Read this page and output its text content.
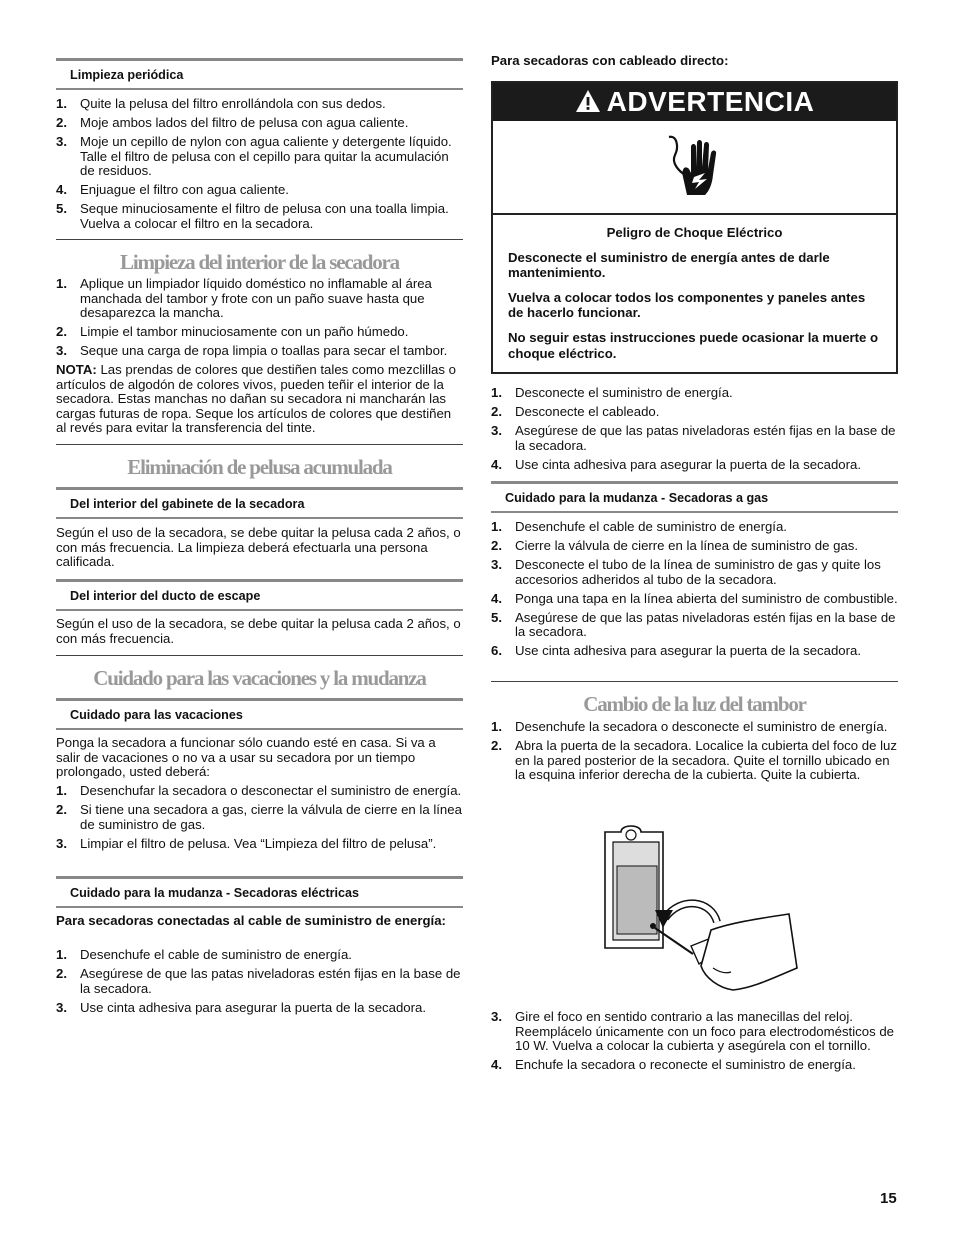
Limpieza periódica
1. Quite la pelusa del filtro enrollándola con sus dedos.
2. Moje ambos lados del filtro de pelusa con agua caliente.
3. Moje un cepillo de nylon con agua caliente y detergente líquido. Talle el filtro de pelusa con el cepillo para quitar la acumulación de residuos.
4. Enjuague el filtro con agua caliente.
5. Seque minuciosamente el filtro de pelusa con una toalla limpia. Vuelva a colocar el filtro en la secadora.
Limpieza del interior de la secadora
1. Aplique un limpiador líquido doméstico no inflamable al área manchada del tambor y frote con un paño suave hasta que desaparezca la mancha.
2. Limpie el tambor minuciosamente con un paño húmedo.
3. Seque una carga de ropa limpia o toallas para secar el tambor.

NOTA: Las prendas de colores que destiñen tales como mezclillas o artículos de algodón de colores vivos, pueden teñir el interior de la secadora. Estas manchas no dañan su secadora ni mancharán las cargas futuras de ropa. Seque los artículos de colores que destiñen al revés para evitar la transferencia del tinte.

Eliminación de pelusa acumulada
Del interior del gabinete de la secadora

Según el uso de la secadora, se debe quitar la pelusa cada 2 años, o con más frecuencia. La limpieza deberá efectuarla una persona calificada.

Del interior del ducto de escape

Según el uso de la secadora, se debe quitar la pelusa cada 2 años, o con más frecuencia.

Cuidado para las vacaciones y la mudanza
Cuidado para las vacaciones

Ponga la secadora a funcionar sólo cuando esté en casa. Si va a salir de vacaciones o no va a usar su secadora por un tiempo prolongado, usted deberá:

1. Desenchufar la secadora o desconectar el suministro de energía.
2. Si tiene una secadora a gas, cierre la válvula de cierre en la línea de suministro de gas.
3. Limpiar el filtro de pelusa. Vea “Limpieza del filtro de pelusa”.
Cuidado para la mudanza - Secadoras eléctricas

Para secadoras conectadas al cable de suministro de energía:

1. Desenchufe el cable de suministro de energía.
2. Asegúrese de que las patas niveladoras estén fijas en la base de la secadora.
3. Use cinta adhesiva para asegurar la puerta de la secadora.

Para secadoras con cableado directo:

ADVERTENCIA

Peligro de Choque Eléctrico

Desconecte el suministro de energía antes de darle mantenimiento.

Vuelva a colocar todos los componentes y paneles antes de hacerlo funcionar.

No seguir estas instrucciones puede ocasionar la muerte o choque eléctrico.

1. Desconecte el suministro de energía.
2. Desconecte el cableado.
3. Asegúrese de que las patas niveladoras estén fijas en la base de la secadora.
4. Use cinta adhesiva para asegurar la puerta de la secadora.
Cuidado para la mudanza - Secadoras a gas
1. Desenchufe el cable de suministro de energía.
2. Cierre la válvula de cierre en la línea de suministro de gas.
3. Desconecte el tubo de la línea de suministro de gas y quite los accesorios adheridos al tubo de la secadora.
4. Ponga una tapa en la línea abierta del suministro de combustible.
5. Asegúrese de que las patas niveladoras estén fijas en la base de la secadora.
6. Use cinta adhesiva para asegurar la puerta de la secadora.
Cambio de la luz del tambor
1. Desenchufe la secadora o desconecte el suministro de energía.
2. Abra la puerta de la secadora. Localice la cubierta del foco de luz en la pared posterior de la secadora. Quite el tornillo ubicado en la esquina inferior derecha de la cubierta. Quite la cubierta.
3. Gire el foco en sentido contrario a las manecillas del reloj. Reemplácelo únicamente con un foco para electrodomésticos de 10 W. Vuelva a colocar la cubierta y asegúrela con el tornillo.
4. Enchufe la secadora o reconecte el suministro de energía.
15
